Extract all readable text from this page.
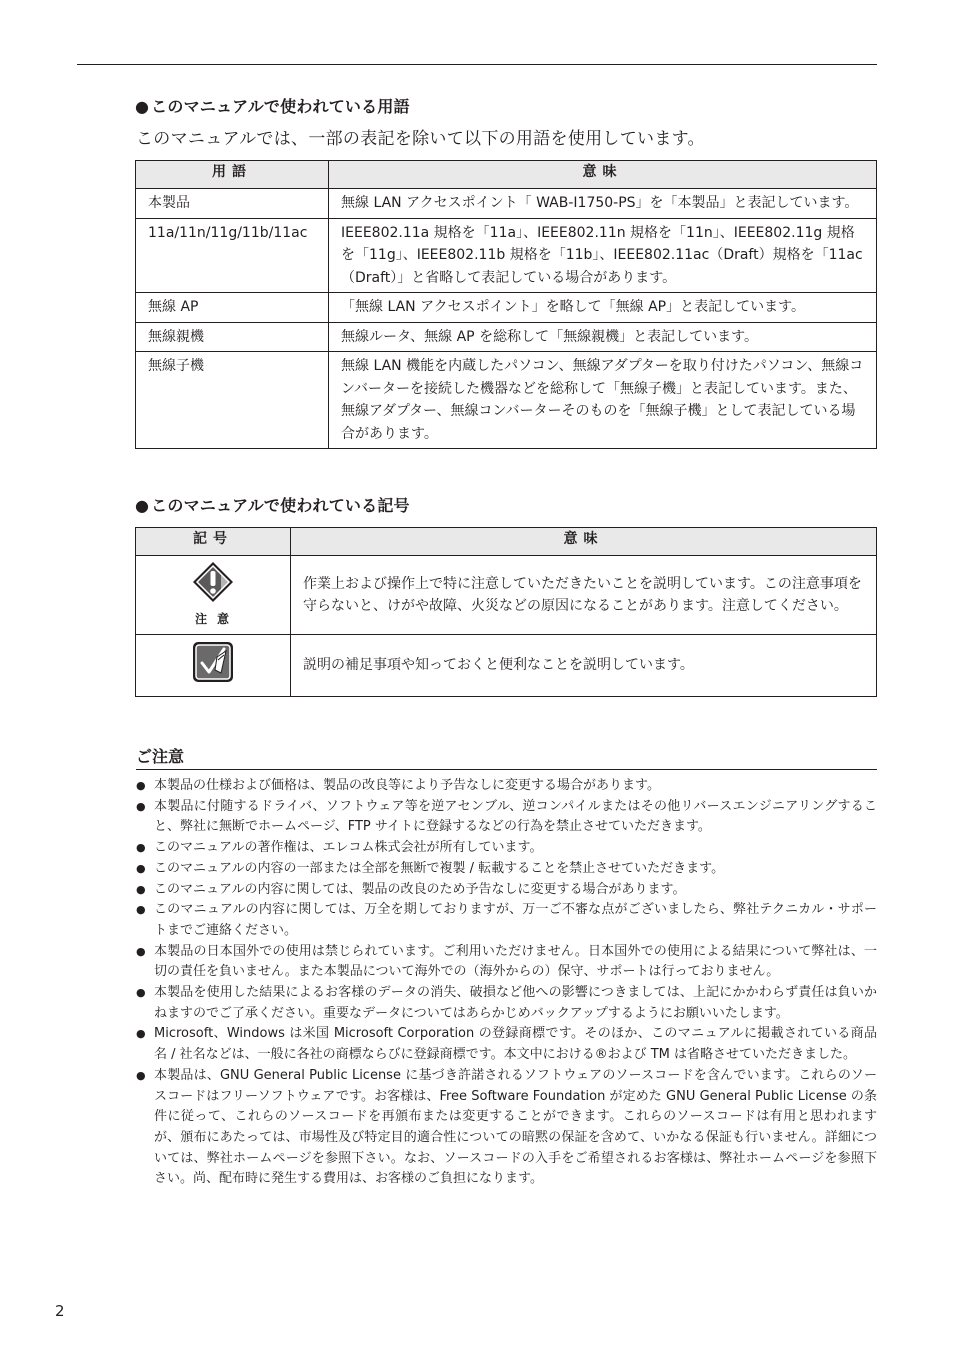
● このマニュアルで使われている用語
このマニュアルでは、一部の表記を除いて以下の用語を使用しています。
用語	意味
本製品	無線 LAN アクセスポイント「 WAB-I1750-PS」を「本製品」と表記しています。
11a/11n/11g/11b/11ac	IEEE802.11a 規格を「11a」、IEEE802.11n 規格を「11n」、IEEE802.11g 規格を「11g」、IEEE802.11b 規格を「11b」、IEEE802.11ac（Draft）規格を「11ac（Draft）」と省略して表記している場合があります。
無線 AP	「無線 LAN アクセスポイント」を略して「無線 AP」と表記しています。
無線親機	無線ルータ、無線 AP を総称して「無線親機」と表記しています。
無線子機	無線 LAN 機能を内蔵したパソコン、無線アダプターを取り付けたパソコン、無線コンバーターを接続した機器などを総称して「無線子機」と表記しています。また、無線アダプター、無線コンバーターそのものを「無線子機」として表記している場合があります。
● このマニュアルで使われている記号
記号	意味

注意	作業上および操作上で特に注意していただきたいことを説明しています。この注意事項を守らないと、けがや故障、火災などの原因になることがあります。注意してください。
	説明の補足事項や知っておくと便利なことを説明しています。
ご注意
● 本製品の仕様および価格は、製品の改良等により予告なしに変更する場合があります。
● 本製品に付随するドライバ、ソフトウェア等を逆アセンブル、逆コンパイルまたはその他リバースエンジニアリングすること、弊社に無断でホームページ、FTP サイトに登録するなどの行為を禁止させていただきます。
● このマニュアルの著作権は、エレコム株式会社が所有しています。
● このマニュアルの内容の一部または全部を無断で複製 / 転載することを禁止させていただきます。
● このマニュアルの内容に関しては、製品の改良のため予告なしに変更する場合があります。
● このマニュアルの内容に関しては、万全を期しておりますが、万一ご不審な点がございましたら、弊社テクニカル・サポートまでご連絡ください。
● 本製品の日本国外での使用は禁じられています。ご利用いただけません。日本国外での使用による結果について弊社は、一切の責任を負いません。また本製品について海外での（海外からの）保守、サポートは行っておりません。
● 本製品を使用した結果によるお客様のデータの消失、破損など他への影響につきましては、上記にかかわらず責任は負いかねますのでご了承ください。重要なデータについてはあらかじめバックアップするようにお願いいたします。
● Microsoft、Windows は米国 Microsoft Corporation の登録商標です。そのほか、このマニュアルに掲載されている商品名 / 社名などは、一般に各社の商標ならびに登録商標です。本文中における®および TM は省略させていただきました。
● 本製品は、GNU General Public License に基づき許諾されるソフトウェアのソースコードを含んでいます。これらのソースコードはフリーソフトウェアです。お客様は、Free Software Foundation が定めた GNU General Public License の条件に従って、これらのソースコードを再頒布または変更することができます。これらのソースコードは有用と思われますが、頒布にあたっては、市場性及び特定目的適合性についての暗黙の保証を含めて、いかなる保証も行いません。詳細については、弊社ホームページを参照下さい。なお、ソースコードの入手をご希望されるお客様は、弊社ホームページを参照下さい。尚、配布時に発生する費用は、お客様のご負担になります。
2
